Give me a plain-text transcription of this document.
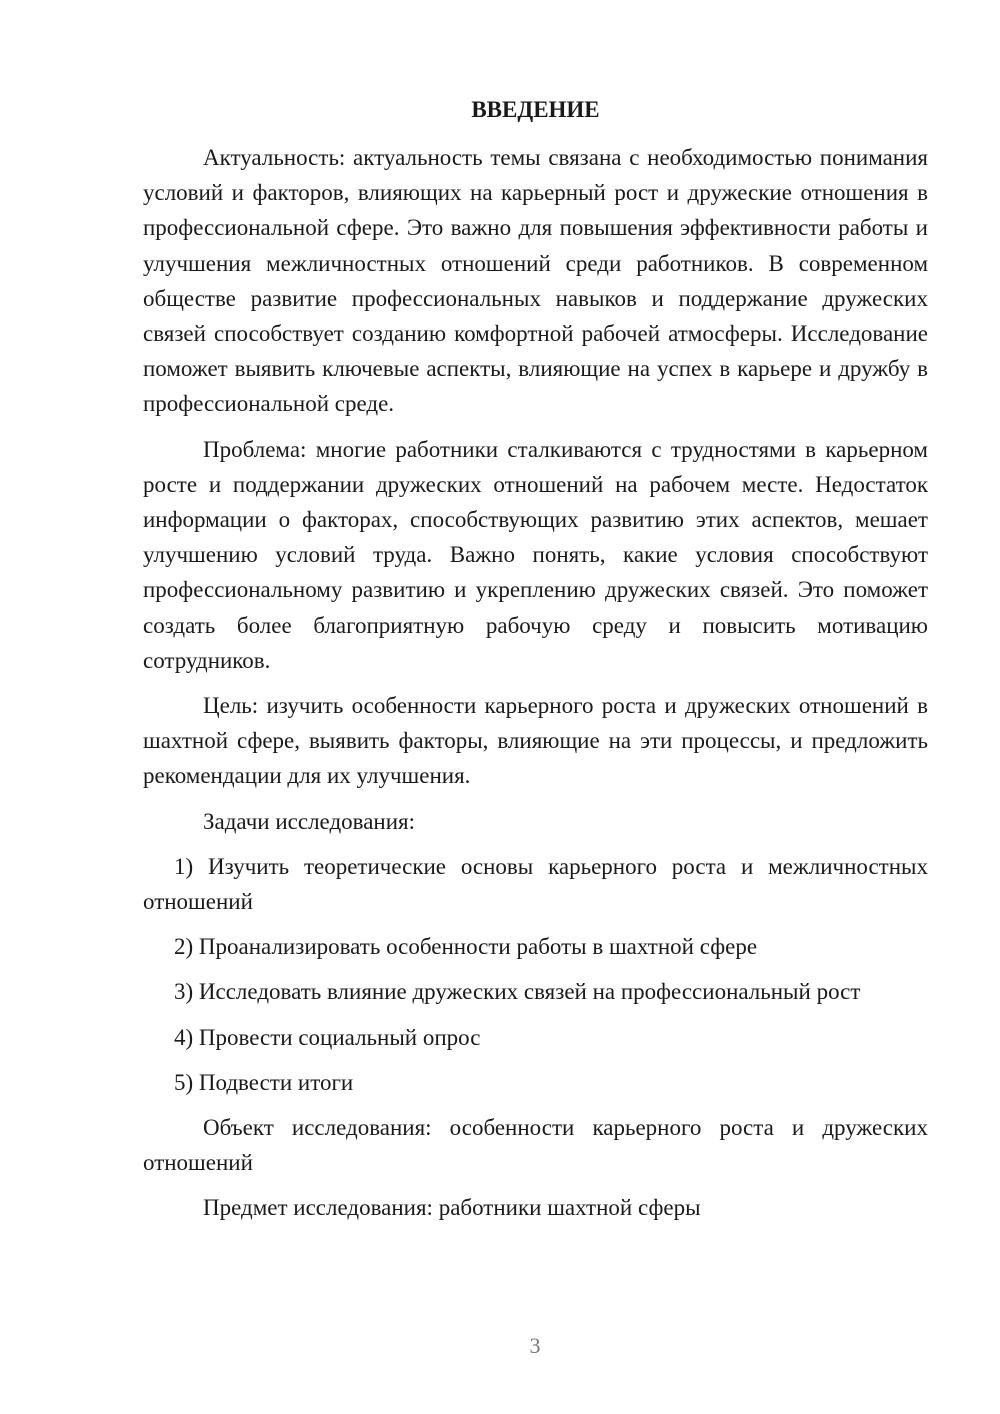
ВВЕДЕНИЕ

Актуальность: актуальность темы связана с необходимостью понимания условий и факторов, влияющих на карьерный рост и дружеские отношения в профессиональной сфере. Это важно для повышения эффективности работы и улучшения межличностных отношений среди работников. В современном обществе развитие профессиональных навыков и поддержание дружеских связей способствует созданию комфортной рабочей атмосферы. Исследование поможет выявить ключевые аспекты, влияющие на успех в карьере и дружбу в профессиональной среде.

Проблема: многие работники сталкиваются с трудностями в карьерном росте и поддержании дружеских отношений на рабочем месте. Недостаток информации о факторах, способствующих развитию этих аспектов, мешает улучшению условий труда. Важно понять, какие условия способствуют профессиональному развитию и укреплению дружеских связей. Это поможет создать более благоприятную рабочую среду и повысить мотивацию сотрудников.

Цель: изучить особенности карьерного роста и дружеских отношений в шахтной сфере, выявить факторы, влияющие на эти процессы, и предложить рекомендации для их улучшения.

Задачи исследования:

1) Изучить теоретические основы карьерного роста и межличностных отношений

2) Проанализировать особенности работы в шахтной сфере

3) Исследовать влияние дружеских связей на профессиональный рост

4) Провести социальный опрос

5) Подвести итоги

Объект исследования: особенности карьерного роста и дружеских отношений

Предмет исследования: работники шахтной сферы

3
